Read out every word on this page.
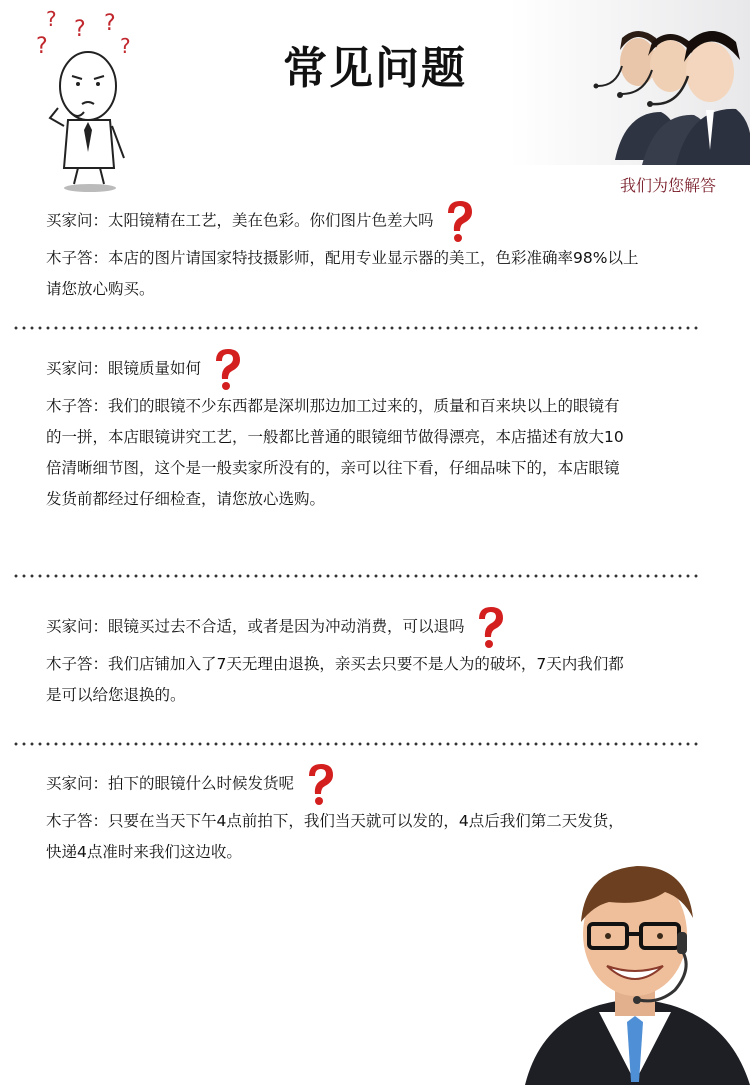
?
? ? ?
?	常见问题
我们为您解答
买家问：太阳镜精在工艺，美在色彩。你们图片色差大吗
木子答：本店的图片请国家特技摄影师，配用专业显示器的美工，色彩准确率98%以上
请您放心购买。
买家问：眼镜质量如何
木子答：我们的眼镜不少东西都是深圳那边加工过来的，质量和百来块以上的眼镜有
的一拼，本店眼镜讲究工艺，一般都比普通的眼镜细节做得漂亮，本店描述有放大10
倍清晰细节图，这个是一般卖家所没有的，亲可以往下看，仔细品味下的，本店眼镜
发货前都经过仔细检查，请您放心选购。
买家问：眼镜买过去不合适，或者是因为冲动消费，可以退吗
木子答：我们店铺加入了7天无理由退换，亲买去只要不是人为的破坏，7天内我们都
是可以给您退换的。
买家问：拍下的眼镜什么时候发货呢
木子答：只要在当天下午4点前拍下，我们当天就可以发的，4点后我们第二天发货，
快递4点准时来我们这边收。
